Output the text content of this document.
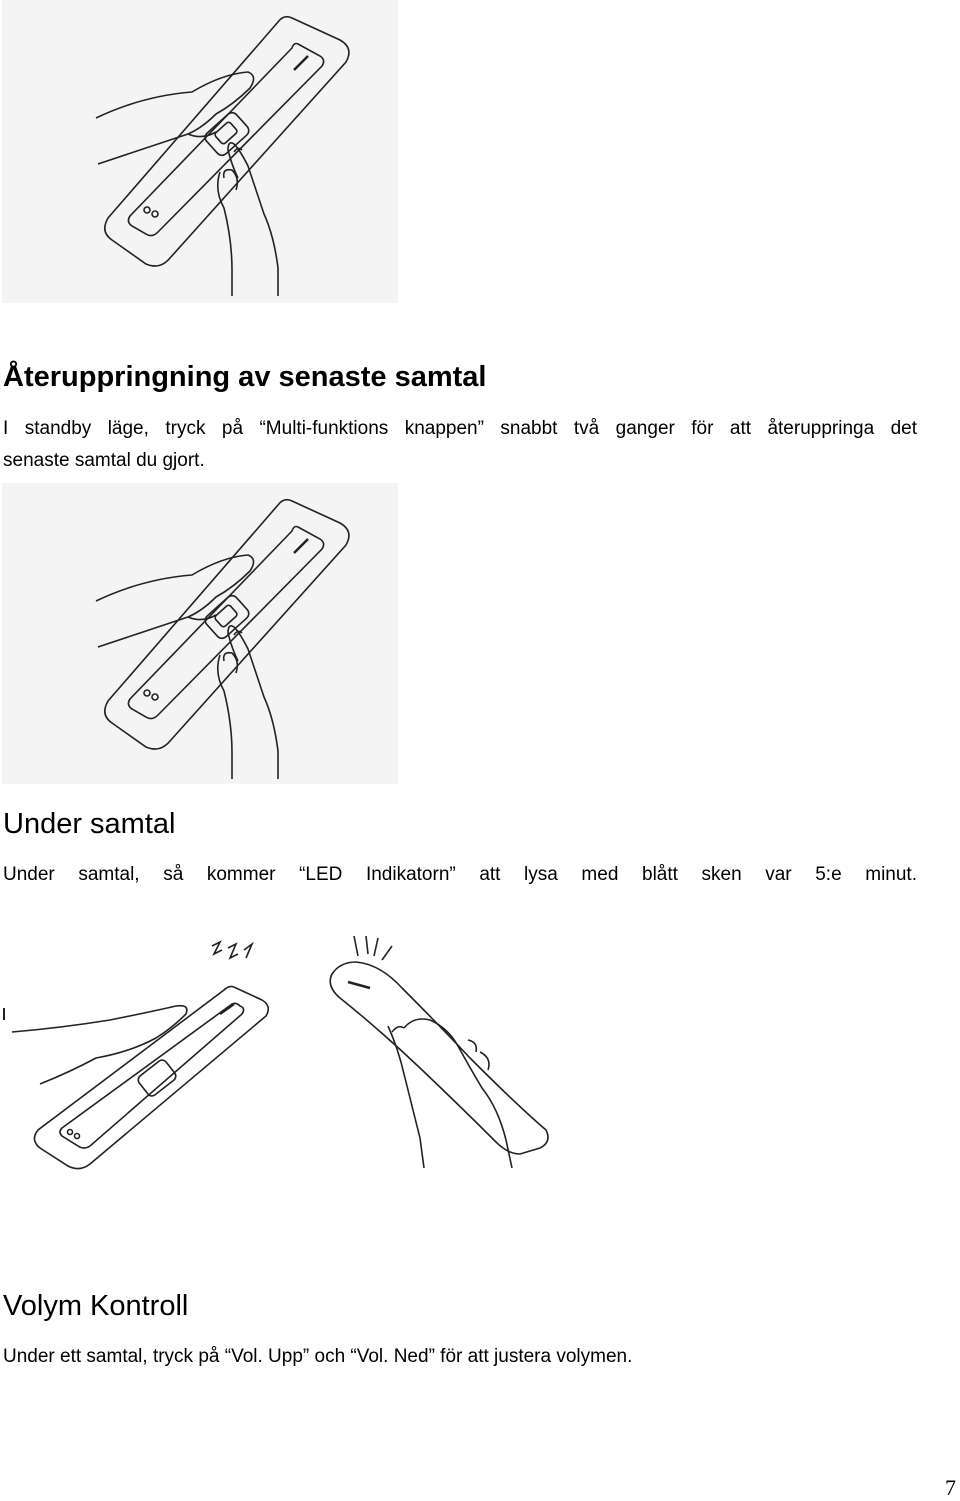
Återuppringning av senaste samtal

I standby läge, tryck på “Multi-funktions knappen” snabbt två ganger för att återuppringa det

senaste samtal du gjort.

Under samtal

Under samtal, så kommer “LED Indikatorn” att lysa med blått sken var 5:e minut.

Volym Kontroll

Under ett samtal, tryck på “Vol. Upp” och “Vol. Ned” för att justera volymen.

7
